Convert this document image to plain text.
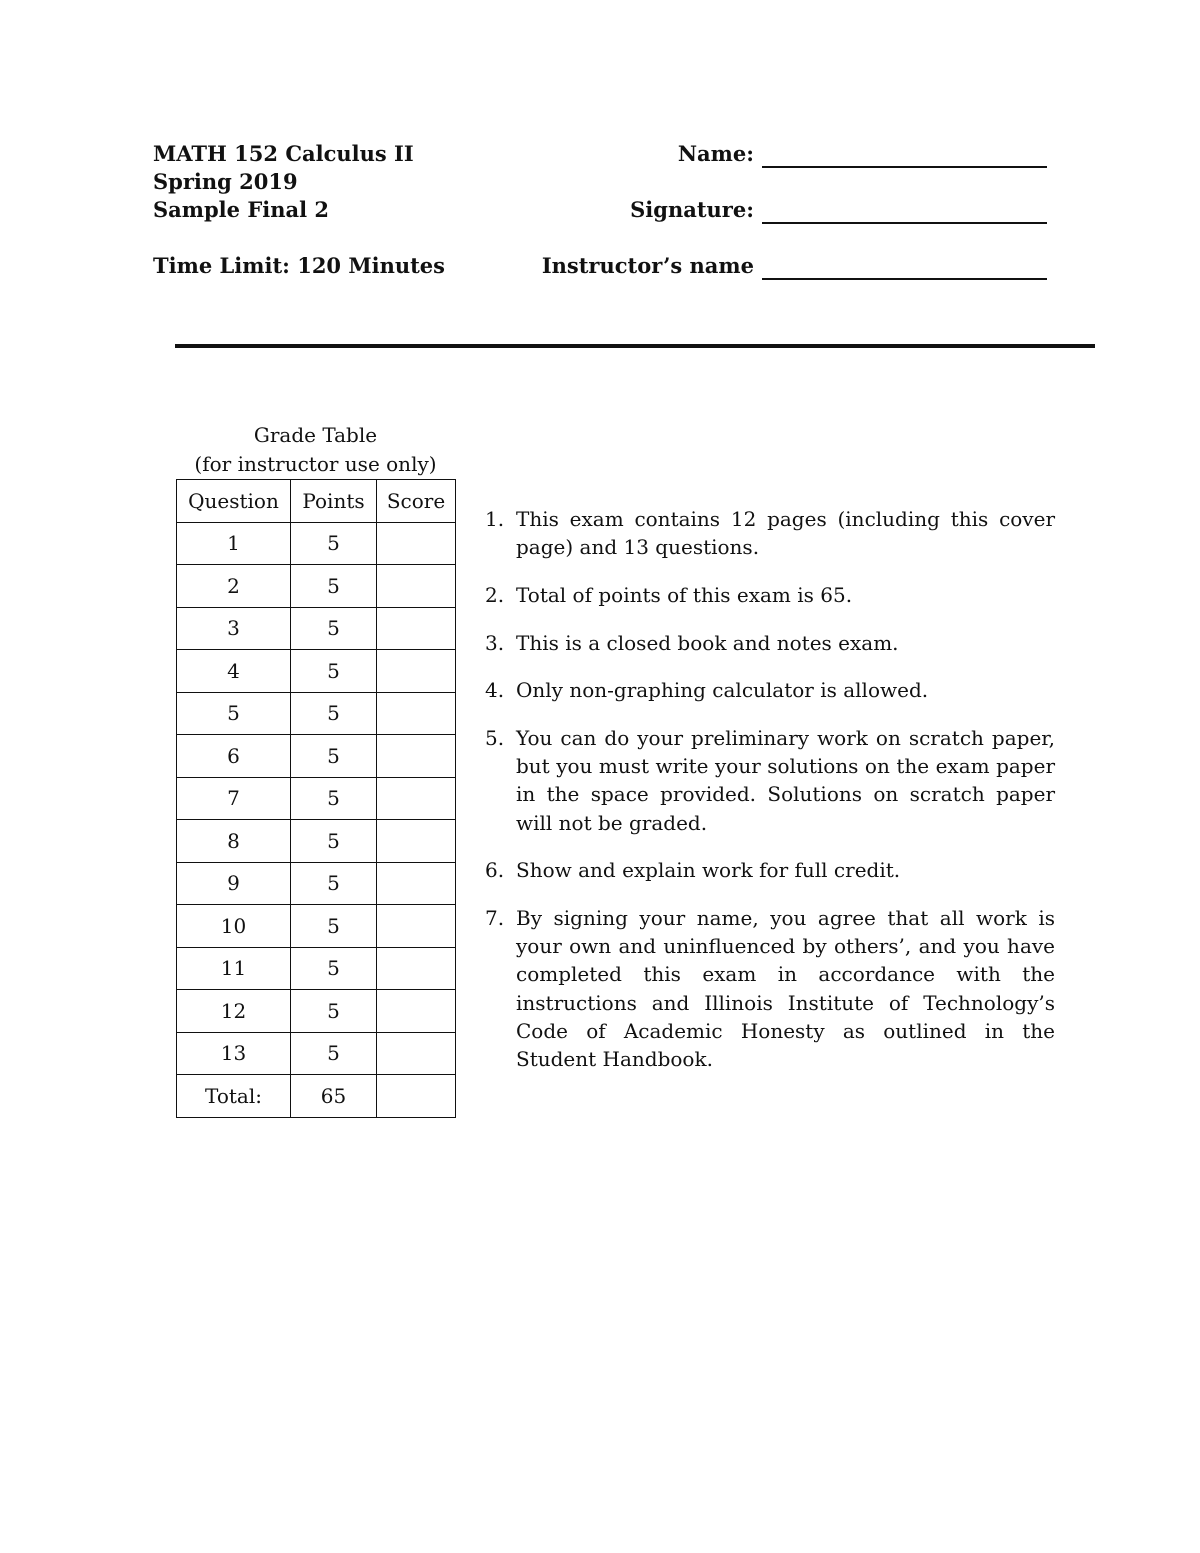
MATH 152 Calculus II
Spring 2019
Sample Final 2
Time Limit: 120 Minutes
Name:
Signature:
Instructor’s name
Grade Table
(for instructor use only)
Question	Points	Score
1	5	
2	5	
3	5	
4	5	
5	5	
6	5	
7	5	
8	5	
9	5	
10	5	
11	5	
12	5	
13	5	
Total:	65	
1. This exam contains 12 pages (including this cover page) and 13 questions.
2. Total of points of this exam is 65.
3. This is a closed book and notes exam.
4. Only non-graphing calculator is allowed.
5. You can do your preliminary work on scratch paper, but you must write your solutions on the exam paper in the space provided. Solutions on scratch paper will not be graded.
6. Show and explain work for full credit.
7. By signing your name, you agree that all work is your own and uninfluenced by others’, and you have completed this exam in accordance with the instructions and Illinois Institute of Technology’s Code of Academic Honesty as outlined in the Student Handbook.
